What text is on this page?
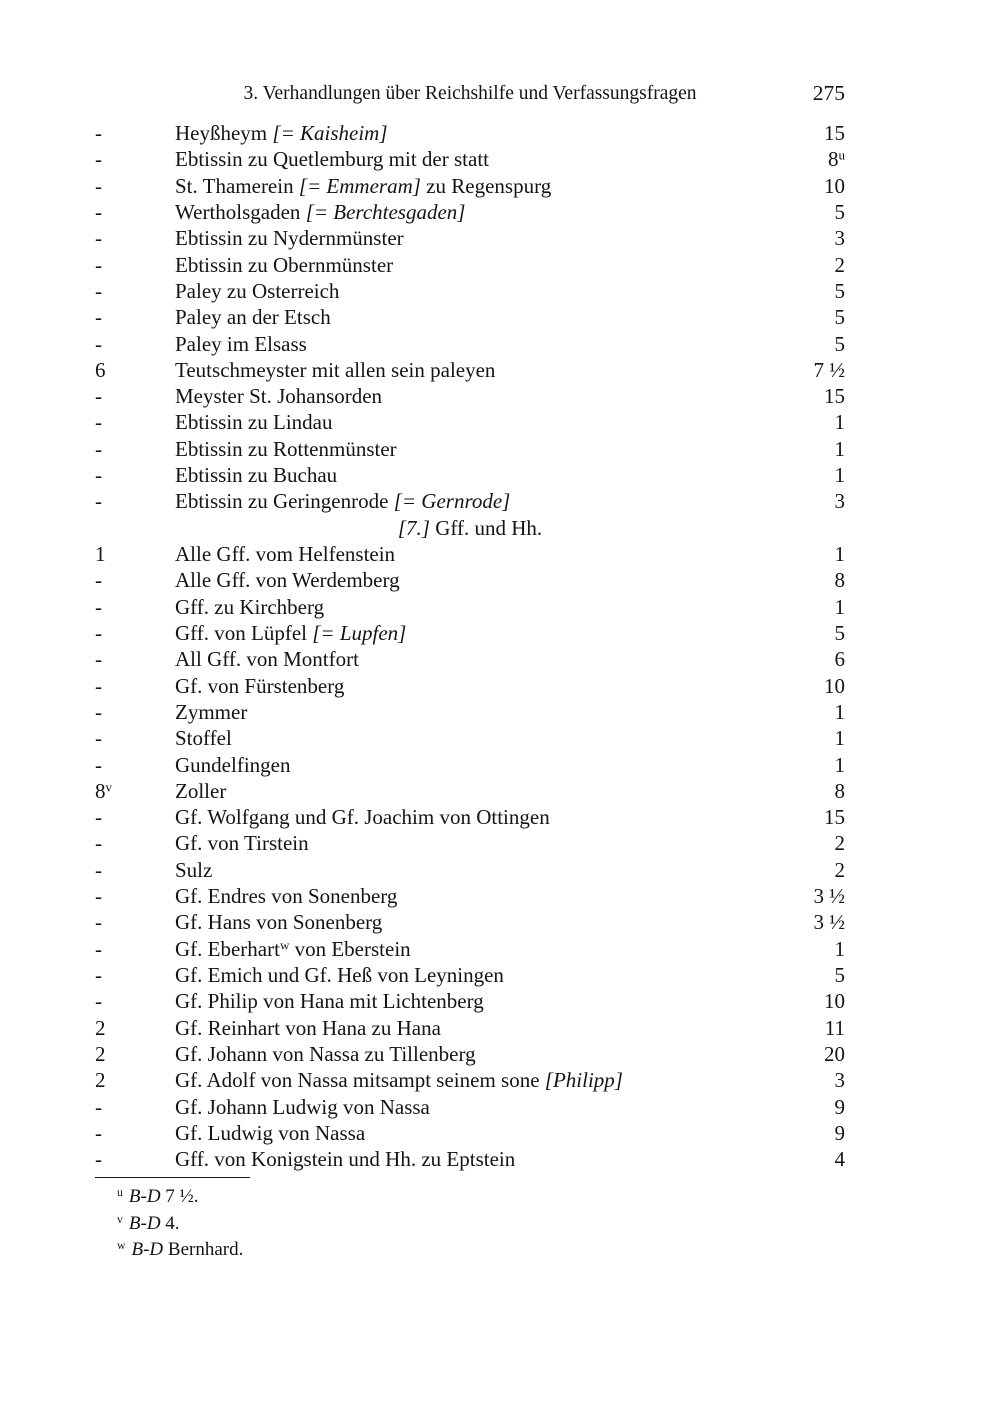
3. Verhandlungen über Reichshilfe und Verfassungsfragen	275
-	Heyßheym [= Kaisheim]	15
-	Ebtissin zu Quetlemburg mit der statt	8$^u$
-	St. Thamerein [= Emmeram] zu Regenspurg	10
-	Wertholsgaden [= Berchtesgaden]	5
-	Ebtissin zu Nydernmünster	3
-	Ebtissin zu Obernmünster	2
-	Paley zu Osterreich	5
-	Paley an der Etsch	5
-	Paley im Elsass	5
6	Teutschmeyster mit allen sein paleyen	7 ½
-	Meyster St. Johansorden	15
-	Ebtissin zu Lindau	1
-	Ebtissin zu Rottenmünster	1
-	Ebtissin zu Buchau	1
-	Ebtissin zu Geringenrode [= Gernrode]	3
[7.] Gff. und Hh.
1	Alle Gff. vom Helfenstein	1
-	Alle Gff. von Werdemberg	8
-	Gff. zu Kirchberg	1
-	Gff. von Lüpfel [= Lupfen]	5
-	All Gff. von Montfort	6
-	Gf. von Fürstenberg	10
-	Zymmer	1
-	Stoffel	1
-	Gundelfingen	1
8$^v$	Zoller	8
-	Gf. Wolfgang und Gf. Joachim von Ottingen	15
-	Gf. von Tirstein	2
-	Sulz	2
-	Gf. Endres von Sonenberg	3 ½
-	Gf. Hans von Sonenberg	3 ½
-	Gf. Eberhart$^w$ von Eberstein	1
-	Gf. Emich und Gf. Heß von Leyningen	5
-	Gf. Philip von Hana mit Lichtenberg	10
2	Gf. Reinhart von Hana zu Hana	11
2	Gf. Johann von Nassa zu Tillenberg	20
2	Gf. Adolf von Nassa mitsampt seinem sone [Philipp]	3
-	Gf. Johann Ludwig von Nassa	9
-	Gf. Ludwig von Nassa	9
-	Gff. von Konigstein und Hh. zu Eptstein	4
$^u$ B-D 7 ½.
$^v$ B-D 4.
$^w$ B-D Bernhard.
